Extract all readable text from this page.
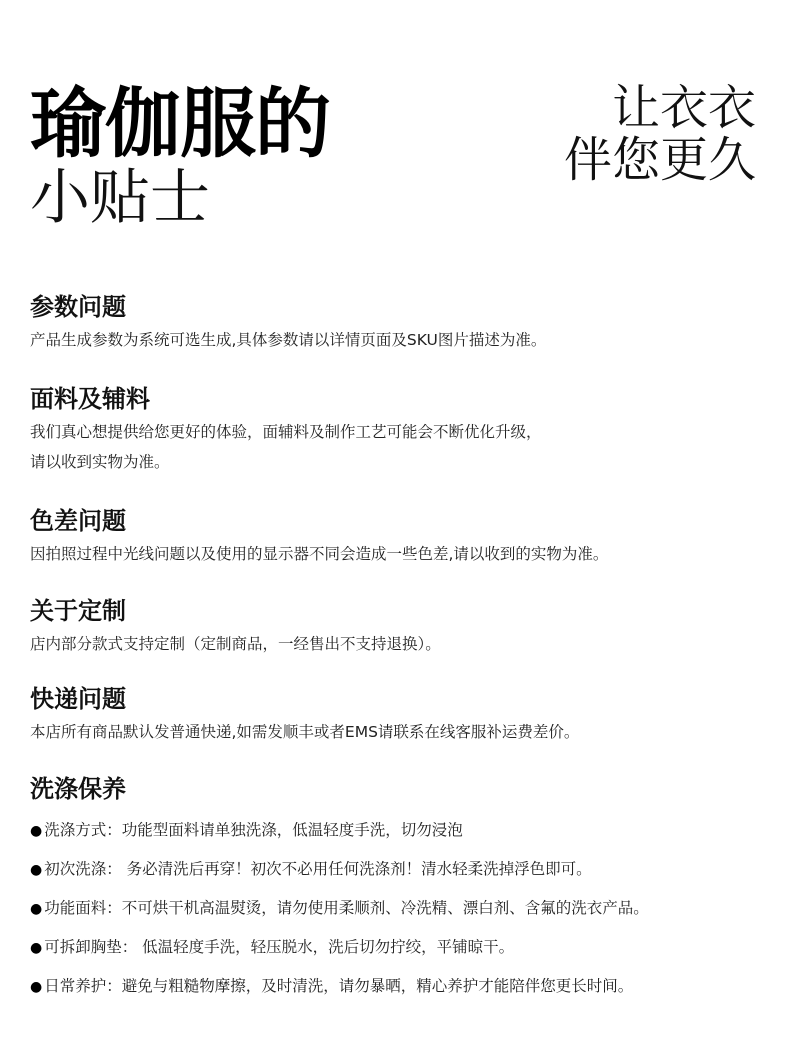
瑜伽服的
小贴士
让衣衣
伴您更久
参数问题

产品生成参数为系统可选生成,具体参数请以详情页面及SKU图片描述为准。

面料及辅料

我们真心想提供给您更好的体验，面辅料及制作工艺可能会不断优化升级，

请以收到实物为准。

色差问题

因拍照过程中光线问题以及使用的显示器不同会造成一些色差,请以收到的实物为准。

关于定制

店内部分款式支持定制（定制商品，一经售出不支持退换）。

快递问题

本店所有商品默认发普通快递,如需发顺丰或者EMS请联系在线客服补运费差价。

洗涤保养
● 洗涤方式：功能型面料请单独洗涤，低温轻度手洗，切勿浸泡
● 初次洗涤： 务必清洗后再穿！初次不必用任何洗涤剂！清水轻柔洗掉浮色即可。
● 功能面料：不可烘干机高温熨烫，请勿使用柔顺剂、冷洗精、漂白剂、含氟的洗衣产品。
● 可拆卸胸垫： 低温轻度手洗，轻压脱水，洗后切勿拧绞，平铺晾干。
● 日常养护：避免与粗糙物摩擦，及时清洗，请勿暴晒，精心养护才能陪伴您更长时间。
